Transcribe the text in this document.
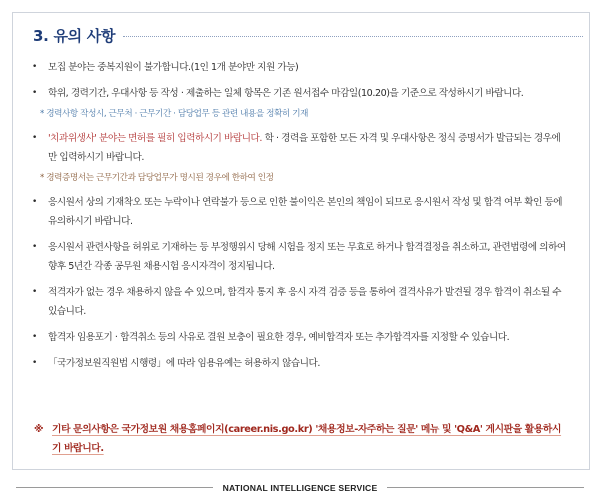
3. 유의 사항
• 모집 분야는 중복지원이 불가합니다.(1인 1개 분야만 지원 가능)
• 학위, 경력기간, 우대사항 등 작성 · 제출하는 일체 항목은 기존 원서접수 마감일(10.20)을 기준으로 작성하시기 바랍니다.
* 경력사항 작성시, 근무처 · 근무기간 · 담당업무 등 관련 내용을 정확히 기재
• '치과위생사' 분야는 면허를 필히 입력하시기 바랍니다. 학 · 경력을 포함한 모든 자격 및 우대사항은 정식 증명서가 발급되는 경우에만 입력하시기 바랍니다.
* 경력증명서는 근무기간과 담당업무가 명시된 경우에 한하여 인정
• 응시원서 상의 기재착오 또는 누락이나 연락불가 등으로 인한 불이익은 본인의 책임이 되므로 응시원서 작성 및 합격 여부 확인 등에 유의하시기 바랍니다.
• 응시원서 관련사항을 허위로 기재하는 등 부정행위시 당해 시험을 정지 또는 무효로 하거나 합격결정을 취소하고, 관련법령에 의하여 향후 5년간 각종 공무원 채용시험 응시자격이 정지됩니다.
• 적격자가 없는 경우 채용하지 않을 수 있으며, 합격자 통지 후 응시 자격 검증 등을 통하여 결격사유가 발견될 경우 합격이 취소될 수 있습니다.
• 합격자 임용포기 · 합격취소 등의 사유로 결원 보충이 필요한 경우, 예비합격자 또는 추가합격자를 지정할 수 있습니다.
• 「국가정보원직원법 시행령」에 따라 임용유예는 허용하지 않습니다.
※ 기타 문의사항은 국가정보원 채용홈페이지(career.nis.go.kr) '채용정보-자주하는 질문' 메뉴 및 'Q&A' 게시판을 활용하시기 바랍니다.
NATIONAL INTELLIGENCE SERVICE
